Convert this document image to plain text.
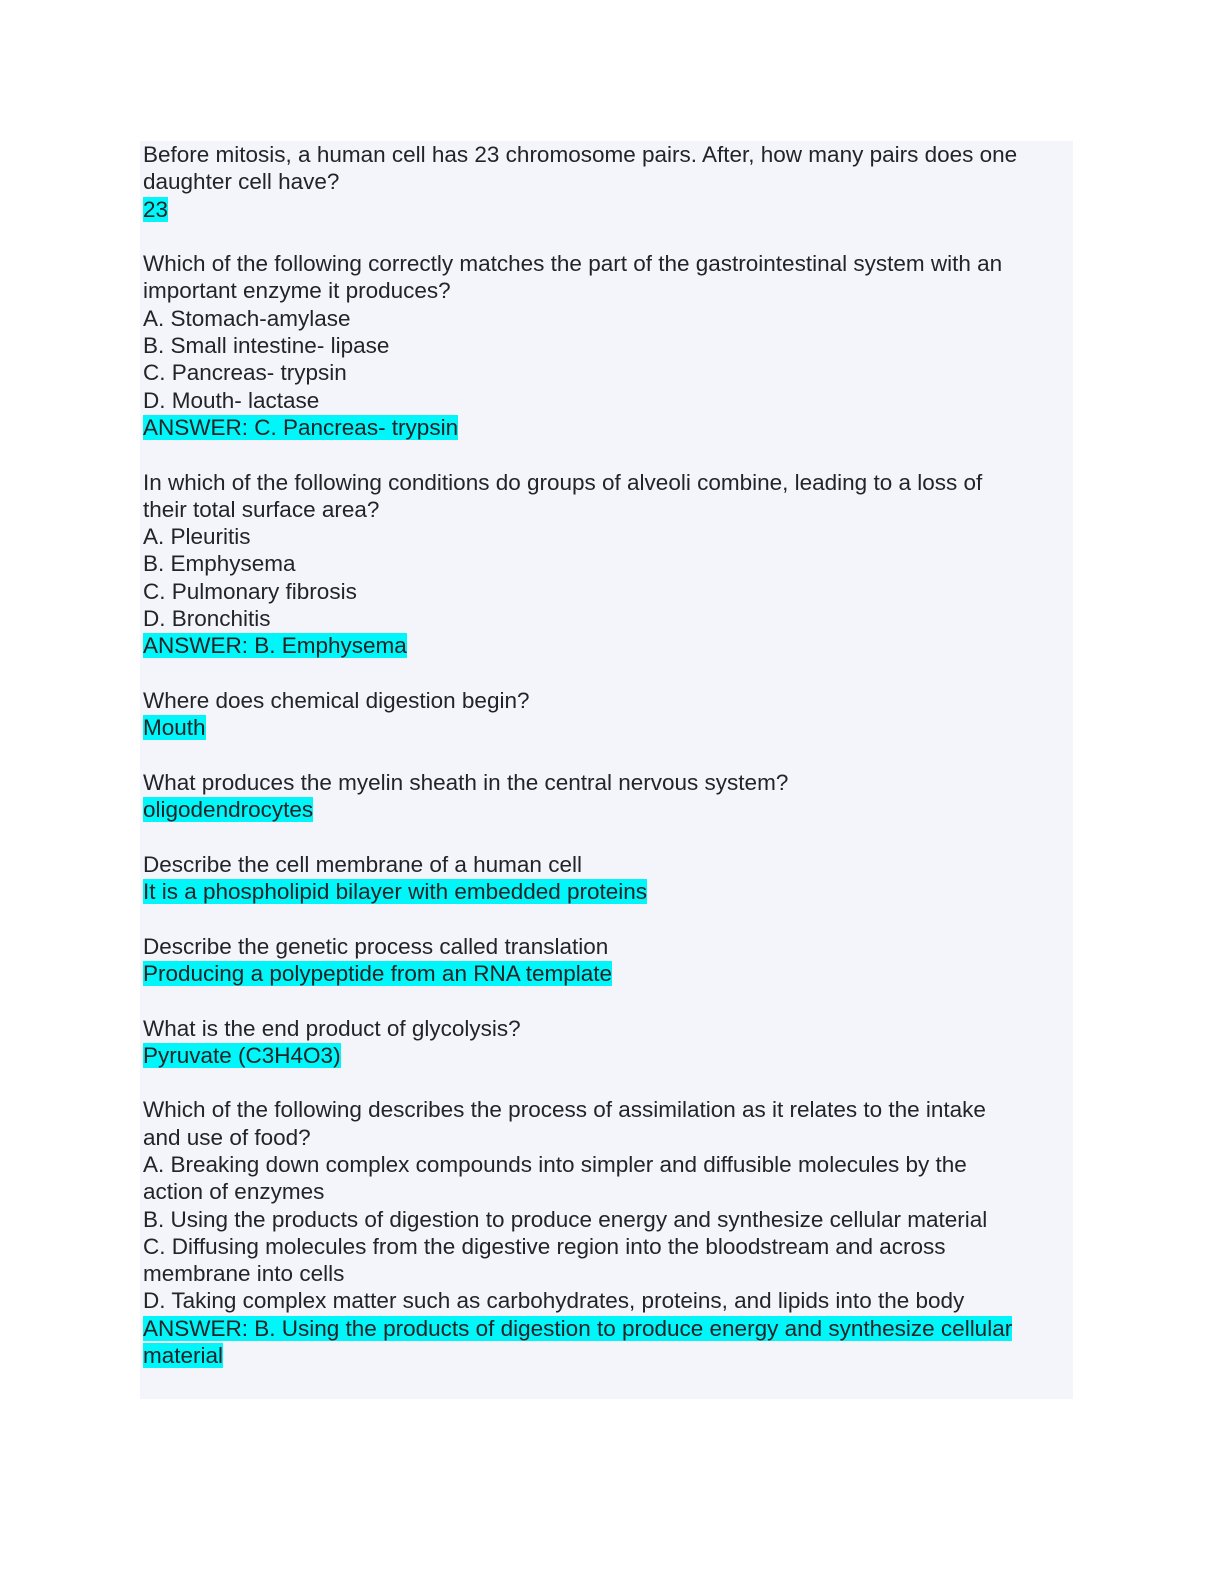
Before mitosis, a human cell has 23 chromosome pairs. After, how many pairs does one
daughter cell have?
23
Which of the following correctly matches the part of the gastrointestinal system with an
important enzyme it produces?
A. Stomach-amylase
B. Small intestine- lipase
C. Pancreas- trypsin
D. Mouth- lactase
ANSWER: C. Pancreas- trypsin
In which of the following conditions do groups of alveoli combine, leading to a loss of
their total surface area?
A. Pleuritis
B. Emphysema
C. Pulmonary fibrosis
D. Bronchitis
ANSWER: B. Emphysema
Where does chemical digestion begin?
Mouth
What produces the myelin sheath in the central nervous system?
oligodendrocytes
Describe the cell membrane of a human cell
It is a phospholipid bilayer with embedded proteins
Describe the genetic process called translation
Producing a polypeptide from an RNA template
What is the end product of glycolysis?
Pyruvate (C3H4O3)
Which of the following describes the process of assimilation as it relates to the intake
and use of food?
A. Breaking down complex compounds into simpler and diffusible molecules by the
action of enzymes
B. Using the products of digestion to produce energy and synthesize cellular material
C. Diffusing molecules from the digestive region into the bloodstream and across
membrane into cells
D. Taking complex matter such as carbohydrates, proteins, and lipids into the body
ANSWER: B. Using the products of digestion to produce energy and synthesize cellular
material
